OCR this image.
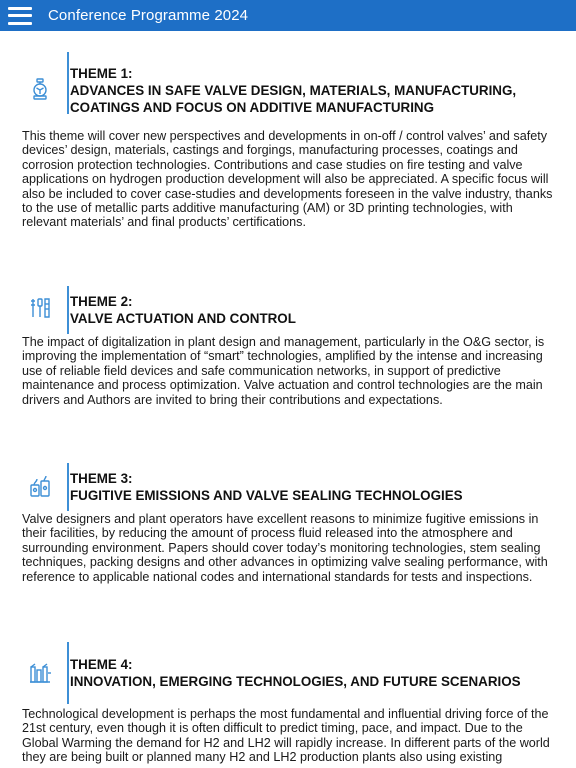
Conference Programme 2024
THEME 1:
ADVANCES IN SAFE VALVE DESIGN, MATERIALS, MANUFACTURING, COATINGS AND FOCUS ON ADDITIVE MANUFACTURING
This theme will cover new perspectives and developments in on-off / control valves’ and safety devices’ design, materials, castings and forgings, manufacturing processes, coatings and corrosion protection technologies. Contributions and case studies on fire testing and valve applications on hydrogen production development will also be appreciated. A specific focus will also be included to cover case-studies and developments foreseen in the valve industry, thanks to the use of metallic parts additive manufacturing (AM) or 3D printing technologies, with relevant materials’ and final products’ certifications.
THEME 2:
VALVE ACTUATION AND CONTROL
The impact of digitalization in plant design and management, particularly in the O&G sector, is improving the implementation of “smart” technologies, amplified by the intense and increasing use of reliable field devices and safe communication networks, in support of predictive maintenance and process optimization. Valve actuation and control technologies are the main drivers and Authors are invited to bring their contributions and expectations.
THEME 3:
FUGITIVE EMISSIONS AND VALVE SEALING TECHNOLOGIES
Valve designers and plant operators have excellent reasons to minimize fugitive emissions in their facilities, by reducing the amount of process fluid released into the atmosphere and surrounding environment. Papers should cover today’s monitoring technologies, stem sealing techniques, packing designs and other advances in optimizing valve sealing performance, with reference to applicable national codes and international standards for tests and inspections.
THEME 4:
INNOVATION, EMERGING TECHNOLOGIES, AND FUTURE SCENARIOS
Technological development is perhaps the most fundamental and influential driving force of the 21st century, even though it is often difficult to predict timing, pace, and impact. Due to the Global Warming the demand for H2 and LH2 will rapidly increase. In different parts of the world they are being built or planned many H2 and LH2 production plants also using existing
